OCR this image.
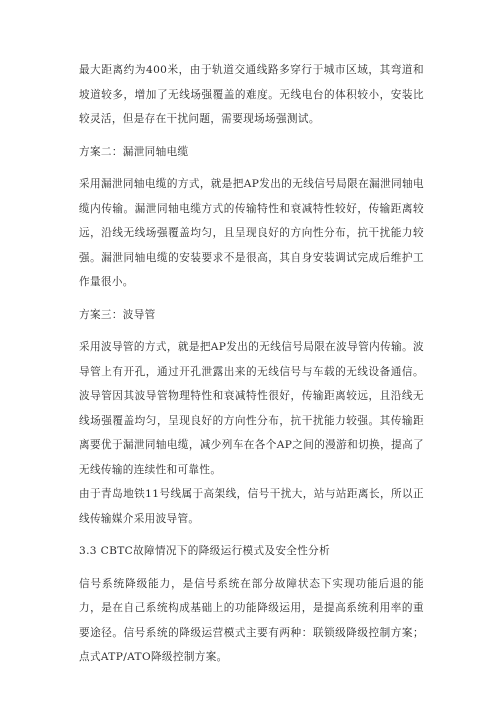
最大距离约为400米，由于轨道交通线路多穿行于城市区域，其弯道和坡道较多，增加了无线场强覆盖的难度。无线电台的体积较小，安装比较灵活，但是存在干扰问题，需要现场场强测试。

方案二：漏泄同轴电缆

采用漏泄同轴电缆的方式，就是把AP发出的无线信号局限在漏泄同轴电缆内传输。漏泄同轴电缆方式的传输特性和衰减特性较好，传输距离较远，沿线无线场强覆盖均匀，且呈现良好的方向性分布，抗干扰能力较强。漏泄同轴电缆的安装要求不是很高，其自身安装调试完成后维护工作量很小。

方案三：波导管

采用波导管的方式，就是把AP发出的无线信号局限在波导管内传输。波导管上有开孔，通过开孔泄露出来的无线信号与车载的无线设备通信。波导管因其波导管物理特性和衰减特性很好，传输距离较远，且沿线无线场强覆盖均匀，呈现良好的方向性分布，抗干扰能力较强。其传输距离要优于漏泄同轴电缆，减少列车在各个AP之间的漫游和切换，提高了无线传输的连续性和可靠性。

由于青岛地铁11号线属于高架线，信号干扰大，站与站距离长，所以正线传输媒介采用波导管。

3.3 CBTC故障情况下的降级运行模式及安全性分析

信号系统降级能力，是信号系统在部分故障状态下实现功能后退的能力，是在自己系统构成基础上的功能降级运用，是提高系统利用率的重要途径。信号系统的降级运营模式主要有两种：联锁级降级控制方案；点式ATP/ATO降级控制方案。
